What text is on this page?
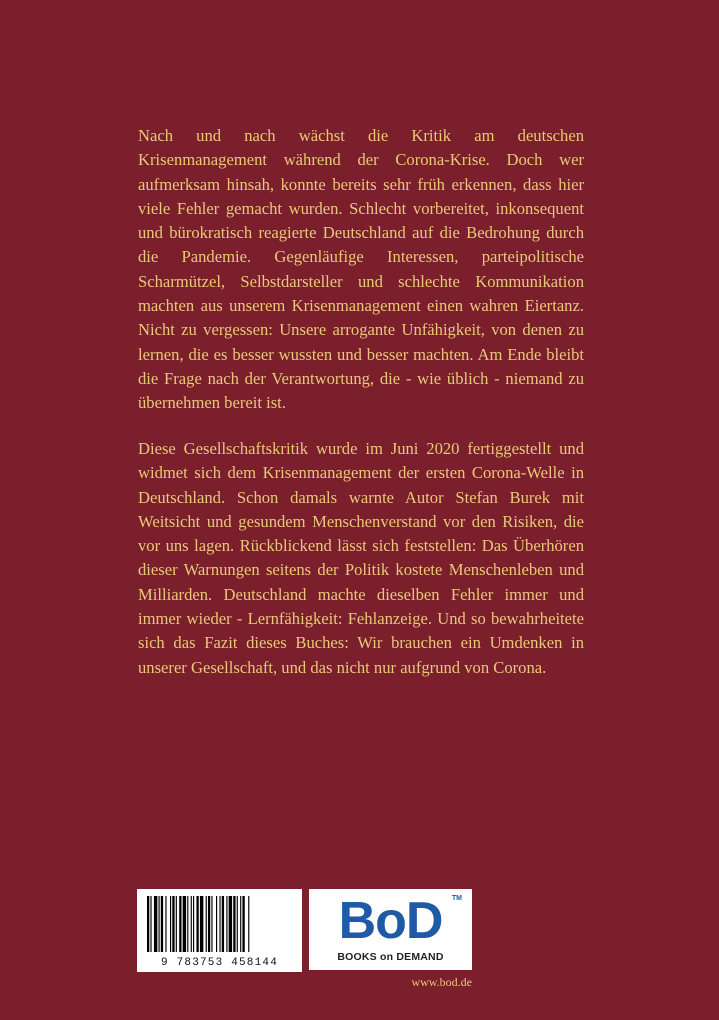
Nach und nach wächst die Kritik am deutschen Krisenmanagement während der Corona-Krise. Doch wer aufmerksam hinsah, konnte bereits sehr früh erkennen, dass hier viele Fehler gemacht wurden. Schlecht vorbereitet, inkonsequent und bürokratisch reagierte Deutschland auf die Bedrohung durch die Pandemie. Gegenläufige Interessen, parteipolitische Scharmützel, Selbstdarsteller und schlechte Kommunikation machten aus unserem Krisenmanagement einen wahren Eiertanz. Nicht zu vergessen: Unsere arrogante Unfähigkeit, von denen zu lernen, die es besser wussten und besser machten. Am Ende bleibt die Frage nach der Verantwortung, die - wie üblich - niemand zu übernehmen bereit ist.

Diese Gesellschaftskritik wurde im Juni 2020 fertiggestellt und widmet sich dem Krisenmanagement der ersten Corona-Welle in Deutschland. Schon damals warnte Autor Stefan Burek mit Weitsicht und gesundem Menschenverstand vor den Risiken, die vor uns lagen. Rückblickend lässt sich feststellen: Das Überhören dieser Warnungen seitens der Politik kostete Menschenleben und Milliarden. Deutschland machte dieselben Fehler immer und immer wieder - Lernfähigkeit: Fehlanzeige. Und so bewahrheitete sich das Fazit dieses Buches: Wir brauchen ein Umdenken in unserer Gesellschaft, und das nicht nur aufgrund von Corona.

9 783753 458144
BoD	TM
BOOKS on DEMAND
www.bod.de
